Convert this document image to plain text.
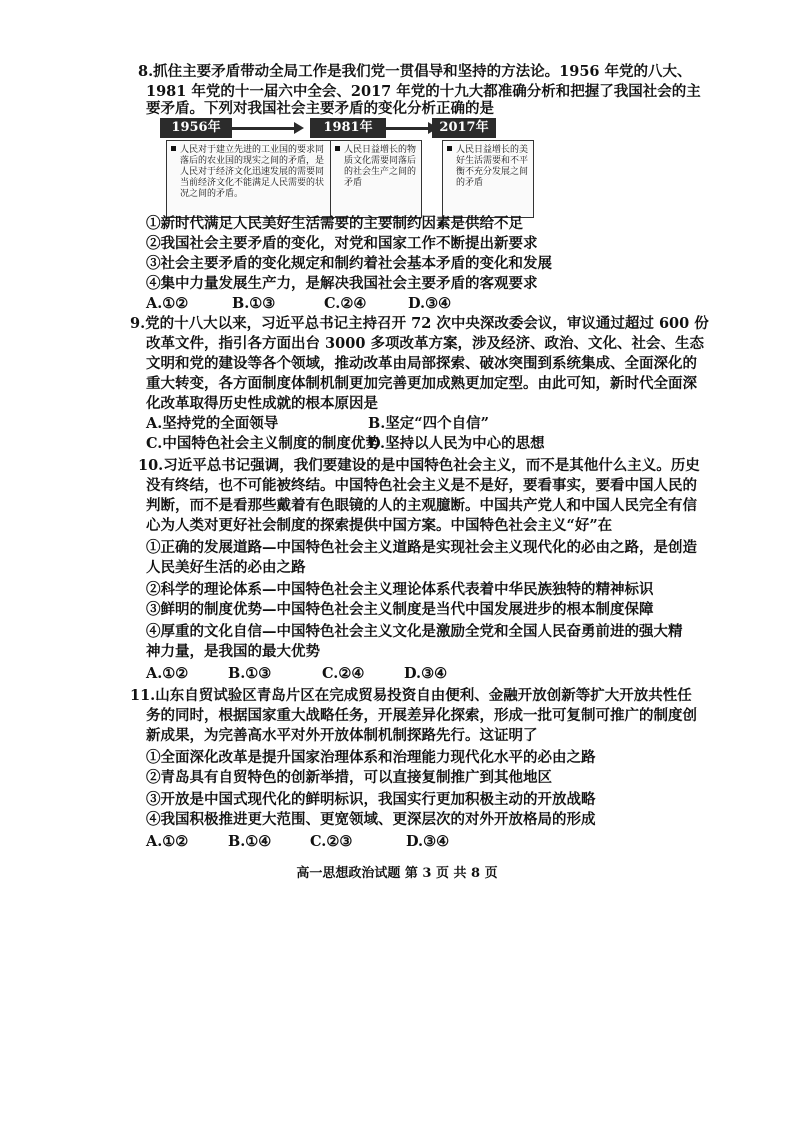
8.抓住主要矛盾带动全局工作是我们党一贯倡导和坚持的方法论。1956 年党的八大、
1981 年党的十一届六中全会、2017 年党的十九大都准确分析和把握了我国社会的主
要矛盾。下列对我国社会主要矛盾的变化分析正确的是
1956年	1981年	2017年
人民对于建立先进的工业国的要求同落后的农业国的现实之间的矛盾，是人民对于经济文化迅速发展的需要同当前经济文化不能满足人民需要的状况之间的矛盾。
人民日益增长的物质文化需要同落后的社会生产之间的矛盾
人民日益增长的美好生活需要和不平衡不充分发展之间的矛盾
①新时代满足人民美好生活需要的主要制约因素是供给不足
②我国社会主要矛盾的变化，对党和国家工作不断提出新要求
③社会主要矛盾的变化规定和制约着社会基本矛盾的变化和发展
④集中力量发展生产力，是解决我国社会主要矛盾的客观要求
A.①②	B.①③	C.②④	D.③④
9.党的十八大以来，习近平总书记主持召开 72 次中央深改委会议，审议通过超过 600 份
改革文件，指引各方面出台 3000 多项改革方案，涉及经济、政治、文化、社会、生态
文明和党的建设等各个领域，推动改革由局部探索、破冰突围到系统集成、全面深化的
重大转变，各方面制度体制机制更加完善更加成熟更加定型。由此可知，新时代全面深
化改革取得历史性成就的根本原因是
A.坚持党的全面领导	B.坚定“四个自信”
C.中国特色社会主义制度的制度优势
D.坚持以人民为中心的思想
10.习近平总书记强调，我们要建设的是中国特色社会主义，而不是其他什么主义。历史
没有终结，也不可能被终结。中国特色社会主义是不是好，要看事实，要看中国人民的
判断，而不是看那些戴着有色眼镜的人的主观臆断。中国共产党人和中国人民完全有信
心为人类对更好社会制度的探索提供中国方案。中国特色社会主义“好”在
①正确的发展道路—中国特色社会主义道路是实现社会主义现代化的必由之路，是创造
人民美好生活的必由之路
②科学的理论体系—中国特色社会主义理论体系代表着中华民族独特的精神标识
③鲜明的制度优势—中国特色社会主义制度是当代中国发展进步的根本制度保障
④厚重的文化自信—中国特色社会主义文化是激励全党和全国人民奋勇前进的强大精
神力量，是我国的最大优势
A.①②	B.①③	C.②④	D.③④
11.山东自贸试验区青岛片区在完成贸易投资自由便利、金融开放创新等扩大开放共性任
务的同时，根据国家重大战略任务，开展差异化探索，形成一批可复制可推广的制度创
新成果，为完善高水平对外开放体制机制探路先行。这证明了
①全面深化改革是提升国家治理体系和治理能力现代化水平的必由之路
②青岛具有自贸特色的创新举措，可以直接复制推广到其他地区
③开放是中国式现代化的鲜明标识，我国实行更加积极主动的开放战略
④我国积极推进更大范围、更宽领域、更深层次的对外开放格局的形成
A.①②	B.①④	C.②③	D.③④
高一思想政治试题 第 3 页 共 8 页
